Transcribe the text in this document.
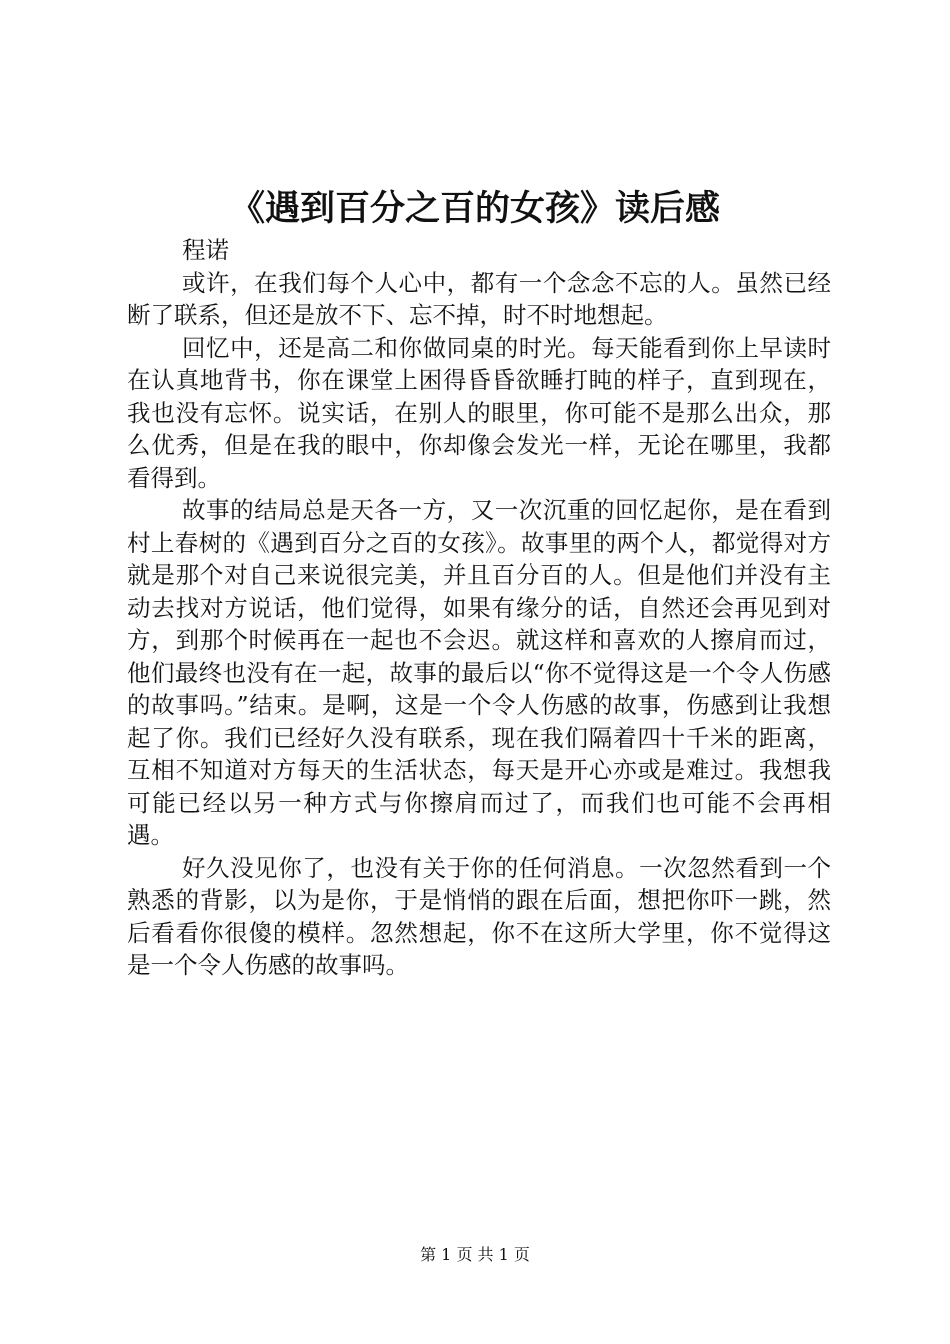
《遇到百分之百的女孩》读后感

程诺

或许，在我们每个人心中，都有一个念念不忘的人。虽然已经断了联系，但还是放不下、忘不掉，时不时地想起。

回忆中，还是高二和你做同桌的时光。每天能看到你上早读时在认真地背书，你在课堂上困得昏昏欲睡打盹的样子，直到现在，我也没有忘怀。说实话，在别人的眼里，你可能不是那么出众，那么优秀，但是在我的眼中，你却像会发光一样，无论在哪里，我都看得到。

故事的结局总是天各一方，又一次沉重的回忆起你，是在看到村上春树的《遇到百分之百的女孩》。故事里的两个人，都觉得对方就是那个对自己来说很完美，并且百分百的人。但是他们并没有主动去找对方说话，他们觉得，如果有缘分的话，自然还会再见到对方，到那个时候再在一起也不会迟。就这样和喜欢的人擦肩而过，他们最终也没有在一起，故事的最后以“你不觉得这是一个令人伤感的故事吗。”结束。是啊，这是一个令人伤感的故事，伤感到让我想起了你。我们已经好久没有联系，现在我们隔着四十千米的距离，互相不知道对方每天的生活状态，每天是开心亦或是难过。我想我可能已经以另一种方式与你擦肩而过了，而我们也可能不会再相遇。

好久没见你了，也没有关于你的任何消息。一次忽然看到一个熟悉的背影，以为是你，于是悄悄的跟在后面，想把你吓一跳，然后看看你很傻的模样。忽然想起，你不在这所大学里，你不觉得这是一个令人伤感的故事吗。

第 1 页 共 1 页
